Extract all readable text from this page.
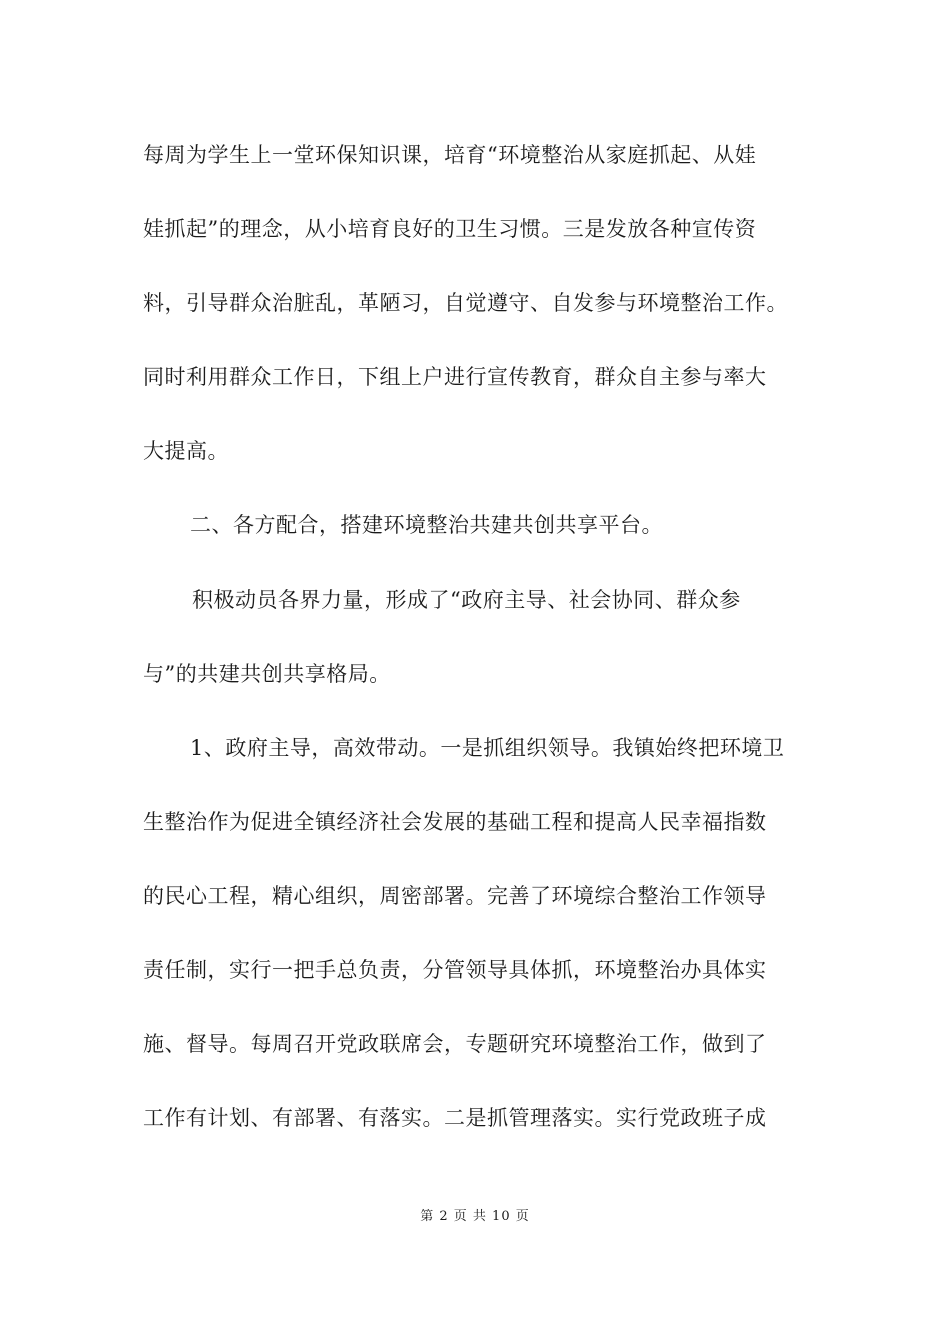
每周为学生上一堂环保知识课，培育“环境整治从家庭抓起、从娃
娃抓起”的理念，从小培育良好的卫生习惯。三是发放各种宣传资
料，引导群众治脏乱，革陋习，自觉遵守、自发参与环境整治工作。
同时利用群众工作日，下组上户进行宣传教育，群众自主参与率大
大提高。
二、各方配合，搭建环境整治共建共创共享平台。
积极动员各界力量，形成了“政府主导、社会协同、群众参
与”的共建共创共享格局。
1、政府主导，高效带动。一是抓组织领导。我镇始终把环境卫
生整治作为促进全镇经济社会发展的基础工程和提高人民幸福指数
的民心工程，精心组织，周密部署。完善了环境综合整治工作领导
责任制，实行一把手总负责，分管领导具体抓，环境整治办具体实
施、督导。每周召开党政联席会，专题研究环境整治工作，做到了
工作有计划、有部署、有落实。二是抓管理落实。实行党政班子成
第 2 页 共 10 页
